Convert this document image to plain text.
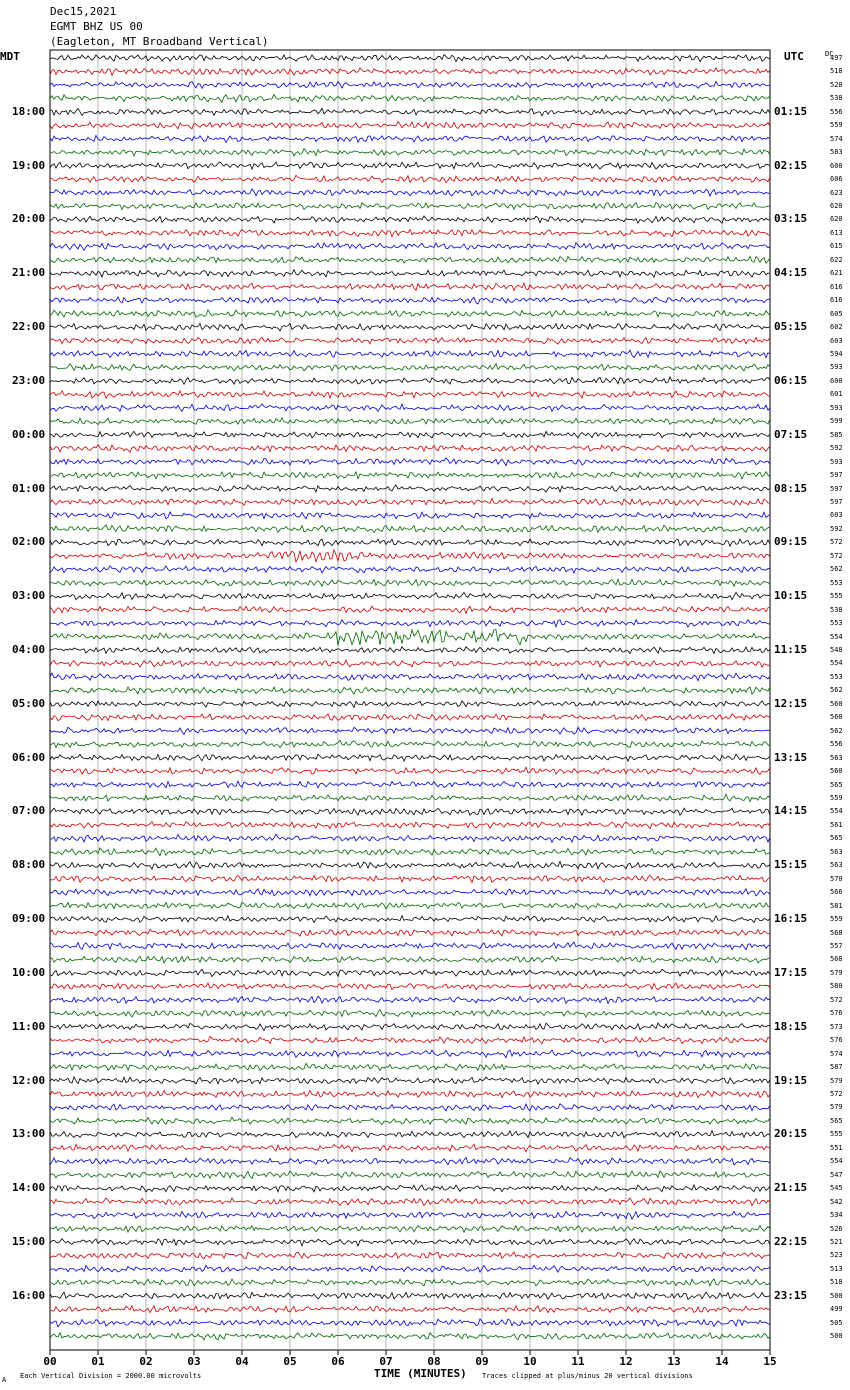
Dec15,2021
EGMT BHZ US 00
(Eagleton, MT Broadband Vertical)
MDT	UTC	DC
18:00
19:00
20:00
21:00
22:00
23:00
00:00
01:00
02:00
03:00
04:00
05:00
06:00
07:00
08:00
09:00
10:00
11:00
12:00
13:00
14:00
15:00
16:00
01:15
02:15
03:15
04:15
05:15
06:15
07:15
08:15
09:15
10:15
11:15
12:15
13:15
14:15
15:15
16:15
17:15
18:15
19:15
20:15
21:15
22:15
23:15
497
518
520
538
556
559
574
583
600
606
623
620
620
613
615
622
621
616
616
605
602
603
594
593
600
601
593
599
585
592
593
597
597
597
603
592
572
572
562
553
555
538
553
554
548
554
553
562
560
560
562
556
563
560
565
559
554
561
565
563
563
570
566
581
559
568
557
568
579
580
572
576
573
576
574
587
579
572
579
565
555
551
554
547
545
542
534
526
521
523
513
518
500
499
505
500
00	01	02	03	04	05	06	07	08	09	10	11	12	13	14	15
A Each Vertical Division = 2000.00 microvolts	TIME (MINUTES) Traces clipped at plus/minus 20 vertical divisions
